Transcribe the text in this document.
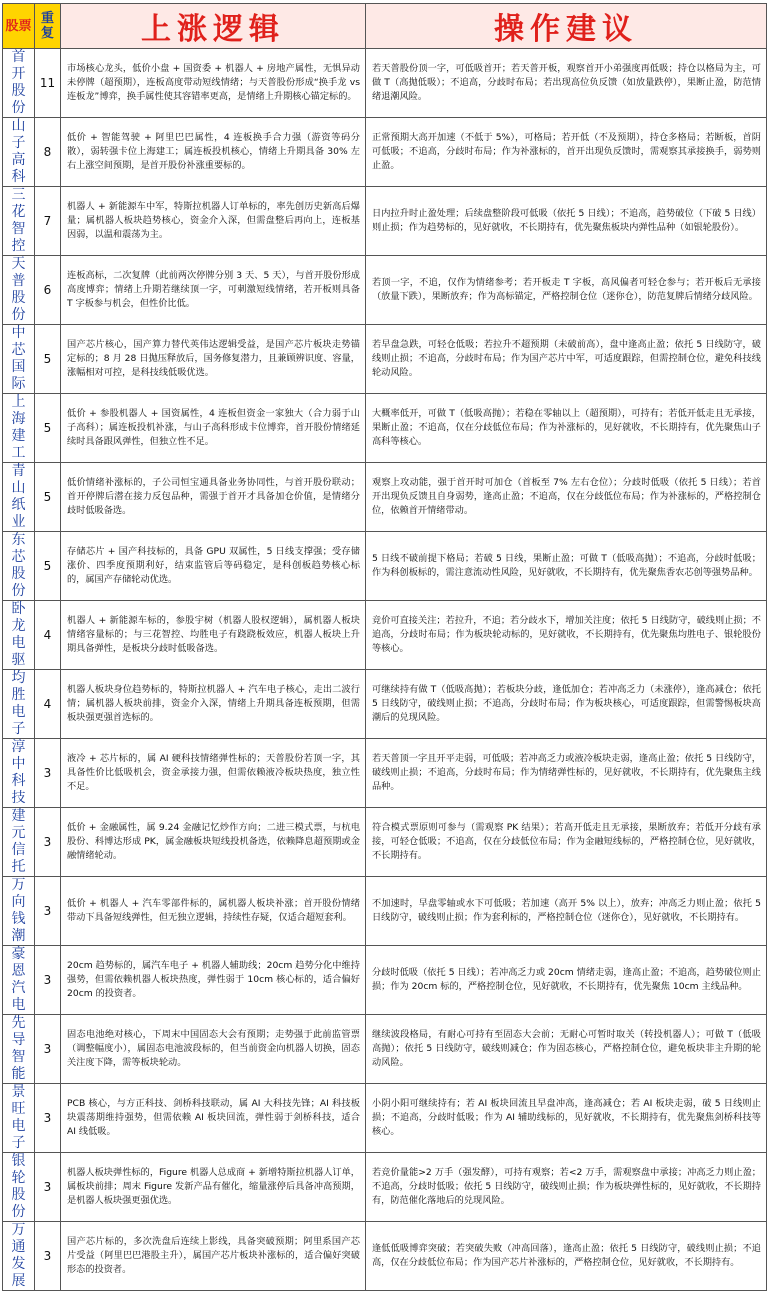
股票	重复	上涨逻辑	操作建议
首开股份	11	市场核心龙头，低价小盘 + 国资委 + 机器人 + 房地产属性，无惧异动未停牌（超预期），连板高度带动短线情绪；与天普股份形成“换手龙 vs 连板龙”博弈，换手属性使其容错率更高，是情绪上升期核心锚定标的。	若天普股份顶一字，可低吸首开；若天普开板，观察首开小弟强度再低吸；持仓以格局为主，可做 T（高抛低吸）；不追高，分歧时布局；若出现高位负反馈（如放量跌停），果断止盈，防范情绪退潮风险。
山子高科	8	低价 + 智能驾驶 + 阿里巴巴属性，4 连板换手合力强（游资等码分散），弱转强卡位上海建工；属连板投机核心，情绪上升期具备 30% 左右上涨空间预期，是首开股份补涨重要标的。	正常预期大高开加速（不低于 5%），可格局；若开低（不及预期），持仓多格局；若断板，首阴可低吸；不追高，分歧时布局；作为补涨标的，首开出现负反馈时，需观察其承接换手，弱势则止盈。
三花智控	7	机器人 + 新能源车中军，特斯拉机器人订单标的，率先创历史新高后爆量；属机器人板块趋势核心，资金介入深，但需盘整后再向上，连板基因弱，以温和震荡为主。	日内拉升时止盈处理；后续盘整阶段可低吸（依托 5 日线）；不追高，趋势破位（下破 5 日线）则止损；作为趋势标的，见好就收，不长期持有，优先聚焦板块内弹性品种（如银轮股份）。
天普股份	6	连板高标，二次复牌（此前两次停牌分别 3 天、5 天），与首开股份形成高度博弈；情绪上升期若继续顶一字，可刺激短线情绪，若开板则具备 T 字板参与机会，但性价比低。	若顶一字，不追，仅作为情绪参考；若开板走 T 字板，高风偏者可轻仓参与；若开板后无承接（放量下跌），果断放弃；作为高标锚定，严格控制仓位（迷你仓），防范复牌后情绪分歧风险。
中芯国际	5	国产芯片核心，国产算力替代英伟达逻辑受益，是国产芯片板块走势锚定标的；8 月 28 日抛压释放后，国务修复潜力，且兼顾辨识度、容量，涨幅相对可控，是科技线低吸优选。	若早盘急跌，可轻仓低吸；若拉升不超预期（未破前高），盘中逢高止盈；依托 5 日线防守，破线则止损；不追高，分歧时布局；作为国产芯片中军，可适度跟踪，但需控制仓位，避免科技线轮动风险。
上海建工	5	低价 + 参股机器人 + 国资属性，4 连板但资金一家独大（合力弱于山子高科）；属连板投机补涨，与山子高科形成卡位博弈，首开股份情绪延续时具备跟风弹性，但独立性不足。	大概率低开，可做 T（低吸高抛）；若稳在零轴以上（超预期），可持有；若低开低走且无承接，果断止盈；不追高，仅在分歧低位布局；作为补涨标的，见好就收，不长期持有，优先聚焦山子高科等核心。
青山纸业	5	低价情绪补涨标的，子公司恒宝通具备业务协同性，与首开股份联动；首开停牌后潜在接力反包品种，需强于首开才具备加仓价值，是情绪分歧时低吸备选。	观察上攻动能，强于首开时可加仓（首板至 7% 左右仓位）；分歧时低吸（依托 5 日线）；若首开出现负反馈且自身弱势，逢高止盈；不追高，仅在分歧低位布局；作为补涨标的，严格控制仓位，依赖首开情绪带动。
东芯股份	5	存储芯片 + 国产科技标的，具备 GPU 双属性，5 日线支撑强；受存储涨价、四季度预期利好，结束监管后等码稳定，是科创板趋势核心标的，属国产存储轮动优选。	5 日线不破前提下格局；若破 5 日线，果断止盈；可做 T（低吸高抛）；不追高，分歧时低吸；作为科创板标的，需注意流动性风险，见好就收，不长期持有，优先聚焦香农芯创等强势品种。
卧龙电驱	4	机器人 + 新能源车标的，参股宇树（机器人股权逻辑），属机器人板块情绪容量标的；与三花智控、均胜电子有跷跷板效应，机器人板块上升期具备弹性，是板块分歧时低吸备选。	竞价可直接关注；若拉升，不追；若分歧水下，增加关注度；依托 5 日线防守，破线则止损；不追高，分歧时布局；作为板块轮动标的，见好就收，不长期持有，优先聚焦均胜电子、银轮股份等核心。
均胜电子	4	机器人板块身位趋势标的，特斯拉机器人 + 汽车电子核心，走出二波行情；属机器人板块前排，资金介入深，情绪上升期具备连板预期，但需板块强更强首选标的。	可继续持有做 T（低吸高抛）；若板块分歧，逢低加仓；若冲高乏力（未涨停），逢高减仓；依托 5 日线防守，破线则止损；不追高，分歧时布局；作为板块核心，可适度跟踪，但需警惕板块高潮后的兑现风险。
淳中科技	3	液冷 + 芯片标的，属 AI 硬科技情绪弹性标的；天普股份若顶一字，其具备性价比低吸机会，资金承接力强，但需依赖液冷板块热度，独立性不足。	若天普顶一字且开平走弱，可低吸；若冲高乏力或液冷板块走弱，逢高止盈；依托 5 日线防守，破线则止损；不追高，分歧时布局；作为情绪弹性标的，见好就收，不长期持有，优先聚焦主线品种。
建元信托	3	低价 + 金融属性，属 9.24 金融记忆炒作方向；二进三模式票，与杭电股份、科博达形成 PK，属金融板块短线投机备选，依赖降息超预期或金融情绪轮动。	符合模式票原则可参与（需观察 PK 结果）；若高开低走且无承接，果断放弃；若低开分歧有承接，可轻仓低吸；不追高，仅在分歧低位布局；作为金融短线标的，严格控制仓位，见好就收，不长期持有。
万向钱潮	3	低价 + 机器人 + 汽车零部件标的，属机器人板块补涨；首开股份情绪带动下具备短线弹性，但无独立逻辑，持续性存疑，仅适合超短套利。	不加速时，早盘零轴或水下可低吸；若加速（高开 5% 以上），放弃；冲高乏力则止盈；依托 5 日线防守，破线则止损；作为套利标的，严格控制仓位（迷你仓），见好就收，不长期持有。
豪恩汽电	3	20cm 趋势标的，属汽车电子 + 机器人辅助线；20cm 趋势分化中维持强势，但需依赖机器人板块热度，弹性弱于 10cm 核心标的，适合偏好 20cm 的投资者。	分歧时低吸（依托 5 日线）；若冲高乏力或 20cm 情绪走弱，逢高止盈；不追高，趋势破位则止损；作为 20cm 标的，严格控制仓位，见好就收，不长期持有，优先聚焦 10cm 主线品种。
先导智能	3	固态电池绝对核心，下周末中国固态大会有预期；走势强于此前监管票（调整幅度小），属固态电池波段标的，但当前资金向机器人切换，固态关注度下降，需等板块轮动。	继续波段格局，有耐心可持有至固态大会前；无耐心可暂时取关（转投机器人）；可做 T（低吸高抛）；依托 5 日线防守，破线则减仓；作为固态核心，严格控制仓位，避免板块非主升期的轮动风险。
景旺电子	3	PCB 核心，与方正科技、剑桥科技联动，属 AI 大科技先锋；AI 科技板块震荡期维持强势，但需依赖 AI 板块回流，弹性弱于剑桥科技，适合 AI 线低吸。	小阴小阳可继续持有；若 AI 板块回流且早盘冲高，逢高减仓；若 AI 板块走弱，破 5 日线则止损；不追高，分歧时低吸；作为 AI 辅助线标的，见好就收，不长期持有，优先聚焦剑桥科技等核心。
银轮股份	3	机器人板块弹性标的，Figure 机器人总成商 + 新增特斯拉机器人订单，属板块前排；周末 Figure 发新产品有催化，缩量涨停后具备冲高预期，是机器人板块强更强优选。	若竞价量能>2 万手（强发酵），可持有观察；若<2 万手，需观察盘中承接；冲高乏力则止盈；不追高，分歧时低吸；依托 5 日线防守，破线则止损；作为板块弹性标的，见好就收，不长期持有，防范催化落地后的兑现风险。
万通发展	3	国产芯片标的，多次洗盘后连续上影线，具备突破预期；阿里系国产芯片受益（阿里巴巴港股主升），属国产芯片板块补涨标的，适合偏好突破形态的投资者。	逢低低吸博弈突破；若突破失败（冲高回落），逢高止盈；依托 5 日线防守，破线则止损；不追高，仅在分歧低位布局；作为国产芯片补涨标的，严格控制仓位，见好就收，不长期持有。
